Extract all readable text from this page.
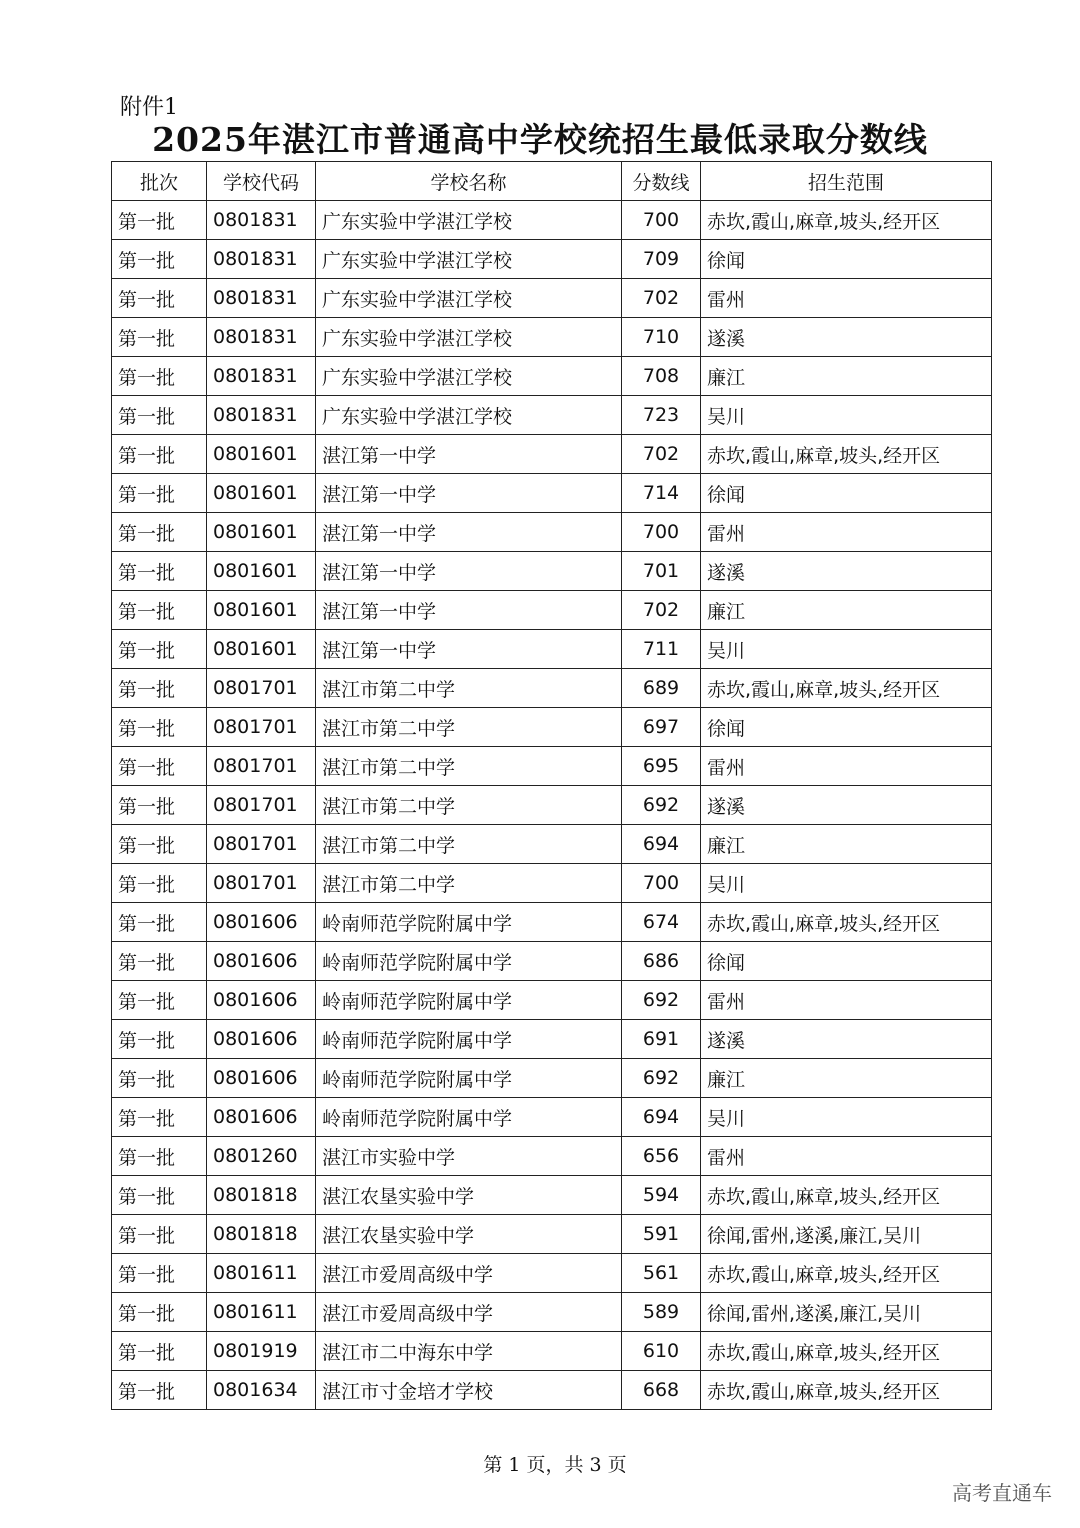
附件1
2025年湛江市普通高中学校统招生最低录取分数线
批次	学校代码	学校名称	分数线	招生范围
第一批	0801831	广东实验中学湛江学校	700	赤坎,霞山,麻章,坡头,经开区
第一批	0801831	广东实验中学湛江学校	709	徐闻
第一批	0801831	广东实验中学湛江学校	702	雷州
第一批	0801831	广东实验中学湛江学校	710	遂溪
第一批	0801831	广东实验中学湛江学校	708	廉江
第一批	0801831	广东实验中学湛江学校	723	吴川
第一批	0801601	湛江第一中学	702	赤坎,霞山,麻章,坡头,经开区
第一批	0801601	湛江第一中学	714	徐闻
第一批	0801601	湛江第一中学	700	雷州
第一批	0801601	湛江第一中学	701	遂溪
第一批	0801601	湛江第一中学	702	廉江
第一批	0801601	湛江第一中学	711	吴川
第一批	0801701	湛江市第二中学	689	赤坎,霞山,麻章,坡头,经开区
第一批	0801701	湛江市第二中学	697	徐闻
第一批	0801701	湛江市第二中学	695	雷州
第一批	0801701	湛江市第二中学	692	遂溪
第一批	0801701	湛江市第二中学	694	廉江
第一批	0801701	湛江市第二中学	700	吴川
第一批	0801606	岭南师范学院附属中学	674	赤坎,霞山,麻章,坡头,经开区
第一批	0801606	岭南师范学院附属中学	686	徐闻
第一批	0801606	岭南师范学院附属中学	692	雷州
第一批	0801606	岭南师范学院附属中学	691	遂溪
第一批	0801606	岭南师范学院附属中学	692	廉江
第一批	0801606	岭南师范学院附属中学	694	吴川
第一批	0801260	湛江市实验中学	656	雷州
第一批	0801818	湛江农垦实验中学	594	赤坎,霞山,麻章,坡头,经开区
第一批	0801818	湛江农垦实验中学	591	徐闻,雷州,遂溪,廉江,吴川
第一批	0801611	湛江市爱周高级中学	561	赤坎,霞山,麻章,坡头,经开区
第一批	0801611	湛江市爱周高级中学	589	徐闻,雷州,遂溪,廉江,吴川
第一批	0801919	湛江市二中海东中学	610	赤坎,霞山,麻章,坡头,经开区
第一批	0801634	湛江市寸金培才学校	668	赤坎,霞山,麻章,坡头,经开区
第 1 页，共 3 页
高考直通车
